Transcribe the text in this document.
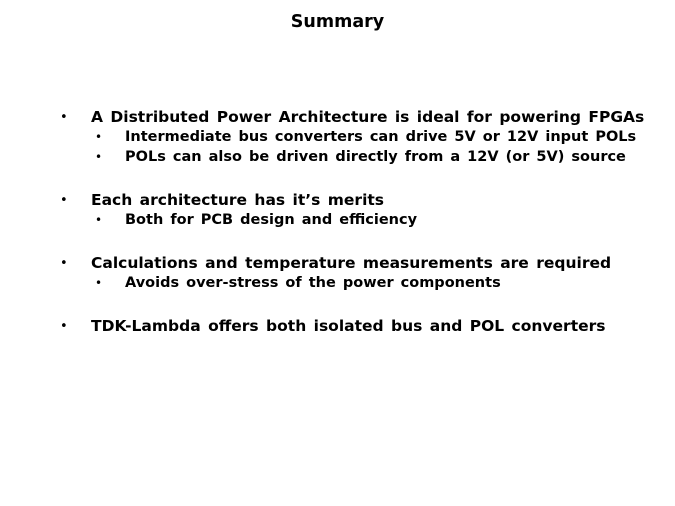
Summary
• A Distributed Power Architecture is ideal for powering FPGAs
• Intermediate bus converters can drive 5V or 12V input POLs
• POLs can also be driven directly from a 12V (or 5V) source
• Each architecture has it’s merits
• Both for PCB design and efficiency
• Calculations and temperature measurements are required
• Avoids over-stress of the power components
• TDK-Lambda offers both isolated bus and POL converters
